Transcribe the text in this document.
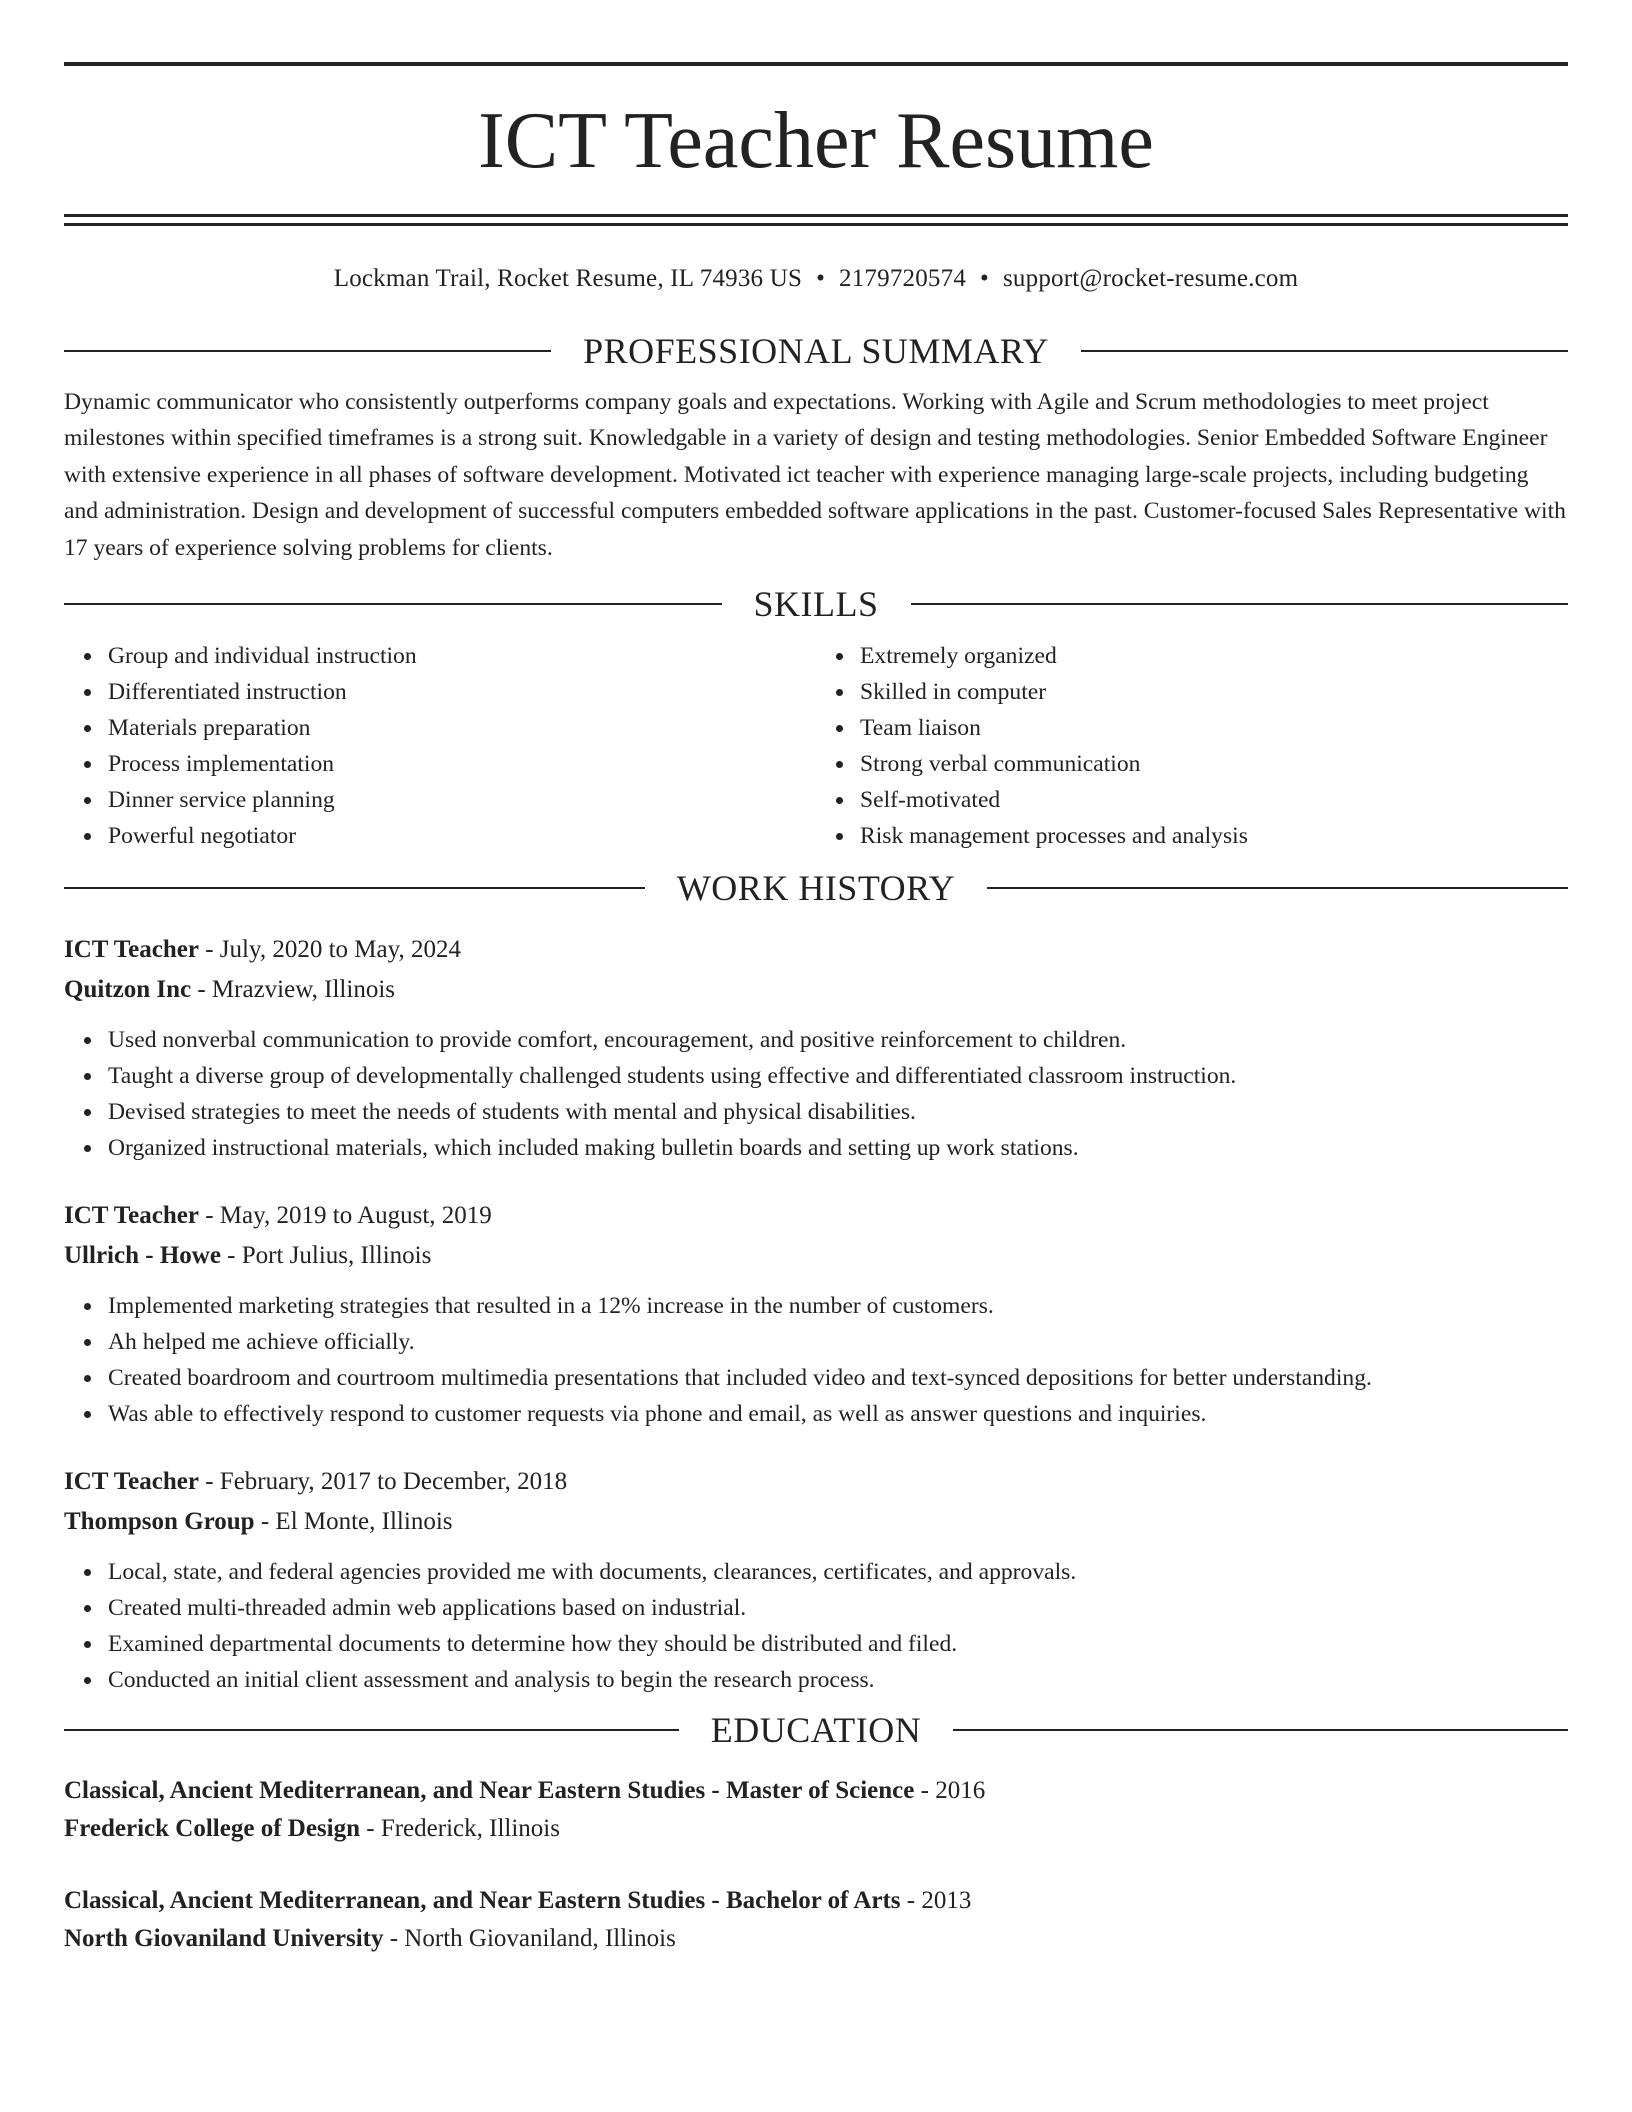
ICT Teacher Resume
Lockman Trail, Rocket Resume, IL 74936 US • 2179720574 • support@rocket-resume.com
PROFESSIONAL SUMMARY

Dynamic communicator who consistently outperforms company goals and expectations. Working with Agile and Scrum methodologies to meet project milestones within specified timeframes is a strong suit. Knowledgable in a variety of design and testing methodologies. Senior Embedded Software Engineer with extensive experience in all phases of software development. Motivated ict teacher with experience managing large-scale projects, including budgeting and administration. Design and development of successful computers embedded software applications in the past. Customer-focused Sales Representative with 17 years of experience solving problems for clients.

SKILLS
Group and individual instruction
Differentiated instruction
Materials preparation
Process implementation
Dinner service planning
Powerful negotiator
Extremely organized
Skilled in computer
Team liaison
Strong verbal communication
Self-motivated
Risk management processes and analysis
WORK HISTORY
ICT Teacher - July, 2020 to May, 2024
Quitzon Inc - Mrazview, Illinois
Used nonverbal communication to provide comfort, encouragement, and positive reinforcement to children.
Taught a diverse group of developmentally challenged students using effective and differentiated classroom instruction.
Devised strategies to meet the needs of students with mental and physical disabilities.
Organized instructional materials, which included making bulletin boards and setting up work stations.
ICT Teacher - May, 2019 to August, 2019
Ullrich - Howe - Port Julius, Illinois
Implemented marketing strategies that resulted in a 12% increase in the number of customers.
Ah helped me achieve officially.
Created boardroom and courtroom multimedia presentations that included video and text-synced depositions for better understanding.
Was able to effectively respond to customer requests via phone and email, as well as answer questions and inquiries.
ICT Teacher - February, 2017 to December, 2018
Thompson Group - El Monte, Illinois
Local, state, and federal agencies provided me with documents, clearances, certificates, and approvals.
Created multi-threaded admin web applications based on industrial.
Examined departmental documents to determine how they should be distributed and filed.
Conducted an initial client assessment and analysis to begin the research process.
EDUCATION
Classical, Ancient Mediterranean, and Near Eastern Studies - Master of Science - 2016
Frederick College of Design - Frederick, Illinois
Classical, Ancient Mediterranean, and Near Eastern Studies - Bachelor of Arts - 2013
North Giovaniland University - North Giovaniland, Illinois
